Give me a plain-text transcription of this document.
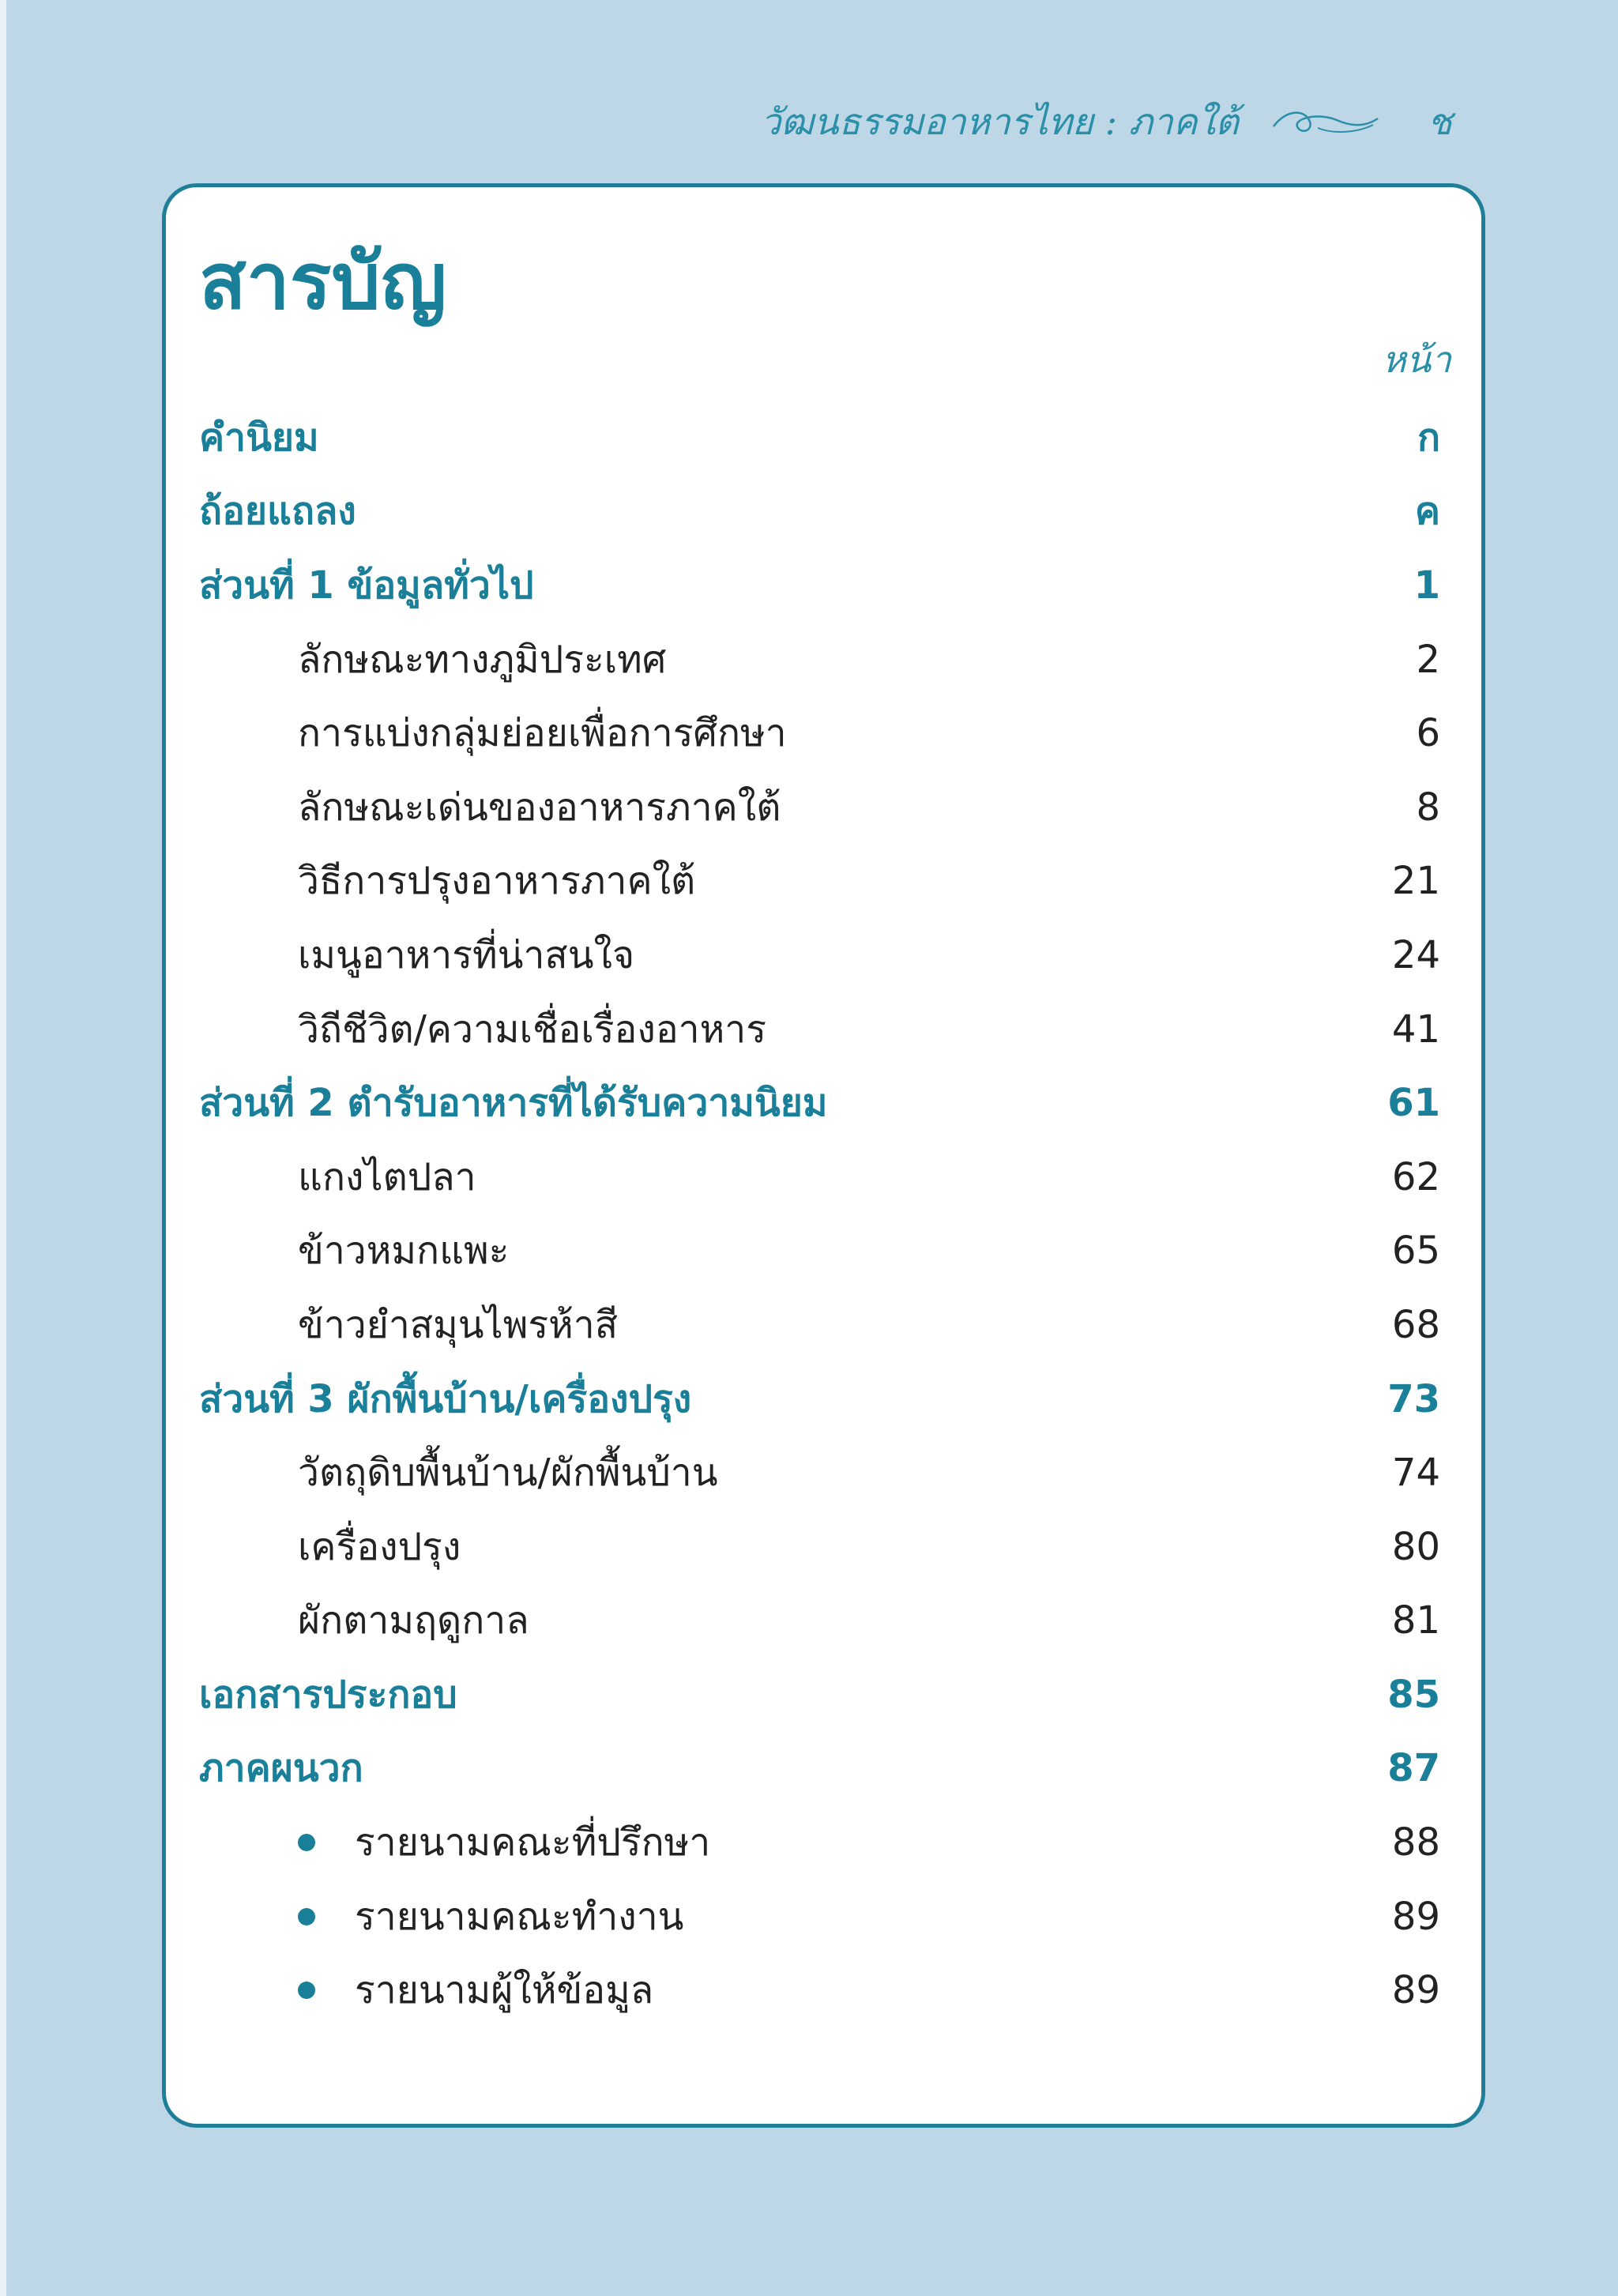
วัฒนธรรมอาหารไทย : ภาคใต้	ช
สารบัญ
หน้า
คำนิยม	ก
ถ้อยแถลง	ค
ส่วนที่ 1 ข้อมูลทั่วไป	1
ลักษณะทางภูมิประเทศ	2
การแบ่งกลุ่มย่อยเพื่อการศึกษา	6
ลักษณะเด่นของอาหารภาคใต้	8
วิธีการปรุงอาหารภาคใต้	21
เมนูอาหารที่น่าสนใจ	24
วิถีชีวิต/ความเชื่อเรื่องอาหาร	41
ส่วนที่ 2 ตำรับอาหารที่ได้รับความนิยม	61
แกงไตปลา	62
ข้าวหมกแพะ	65
ข้าวยำสมุนไพรห้าสี	68
ส่วนที่ 3 ผักพื้นบ้าน/เครื่องปรุง	73
วัตถุดิบพื้นบ้าน/ผักพื้นบ้าน	74
เครื่องปรุง	80
ผักตามฤดูกาล	81
เอกสารประกอบ	85
ภาคผนวก	87
รายนามคณะที่ปรึกษา	88
รายนามคณะทำงาน	89
รายนามผู้ให้ข้อมูล	89
